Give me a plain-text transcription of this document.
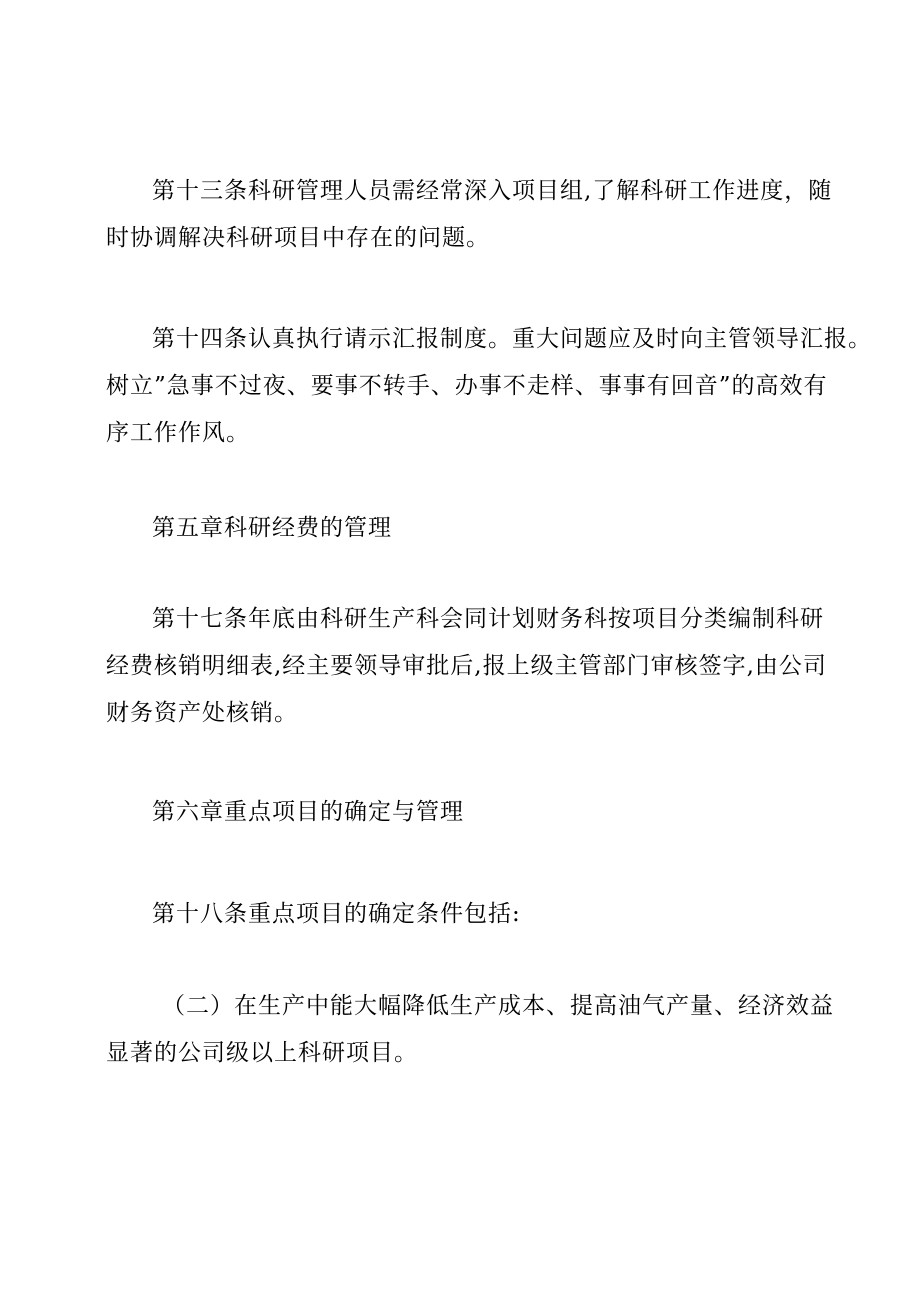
第十三条科研管理人员需经常深入项目组,了解科研工作进度，随
时协调解决科研项目中存在的问题。
第十四条认真执行请示汇报制度。重大问题应及时向主管领导汇报。
树立”急事不过夜、要事不转手、办事不走样、事事有回音”的高效有
序工作作风。
第五章科研经费的管理
第十七条年底由科研生产科会同计划财务科按项目分类编制科研
经费核销明细表,经主要领导审批后,报上级主管部门审核签字,由公司
财务资产处核销。
第六章重点项目的确定与管理
第十八条重点项目的确定条件包括:
（二）在生产中能大幅降低生产成本、提高油气产量、经济效益
显著的公司级以上科研项目。
